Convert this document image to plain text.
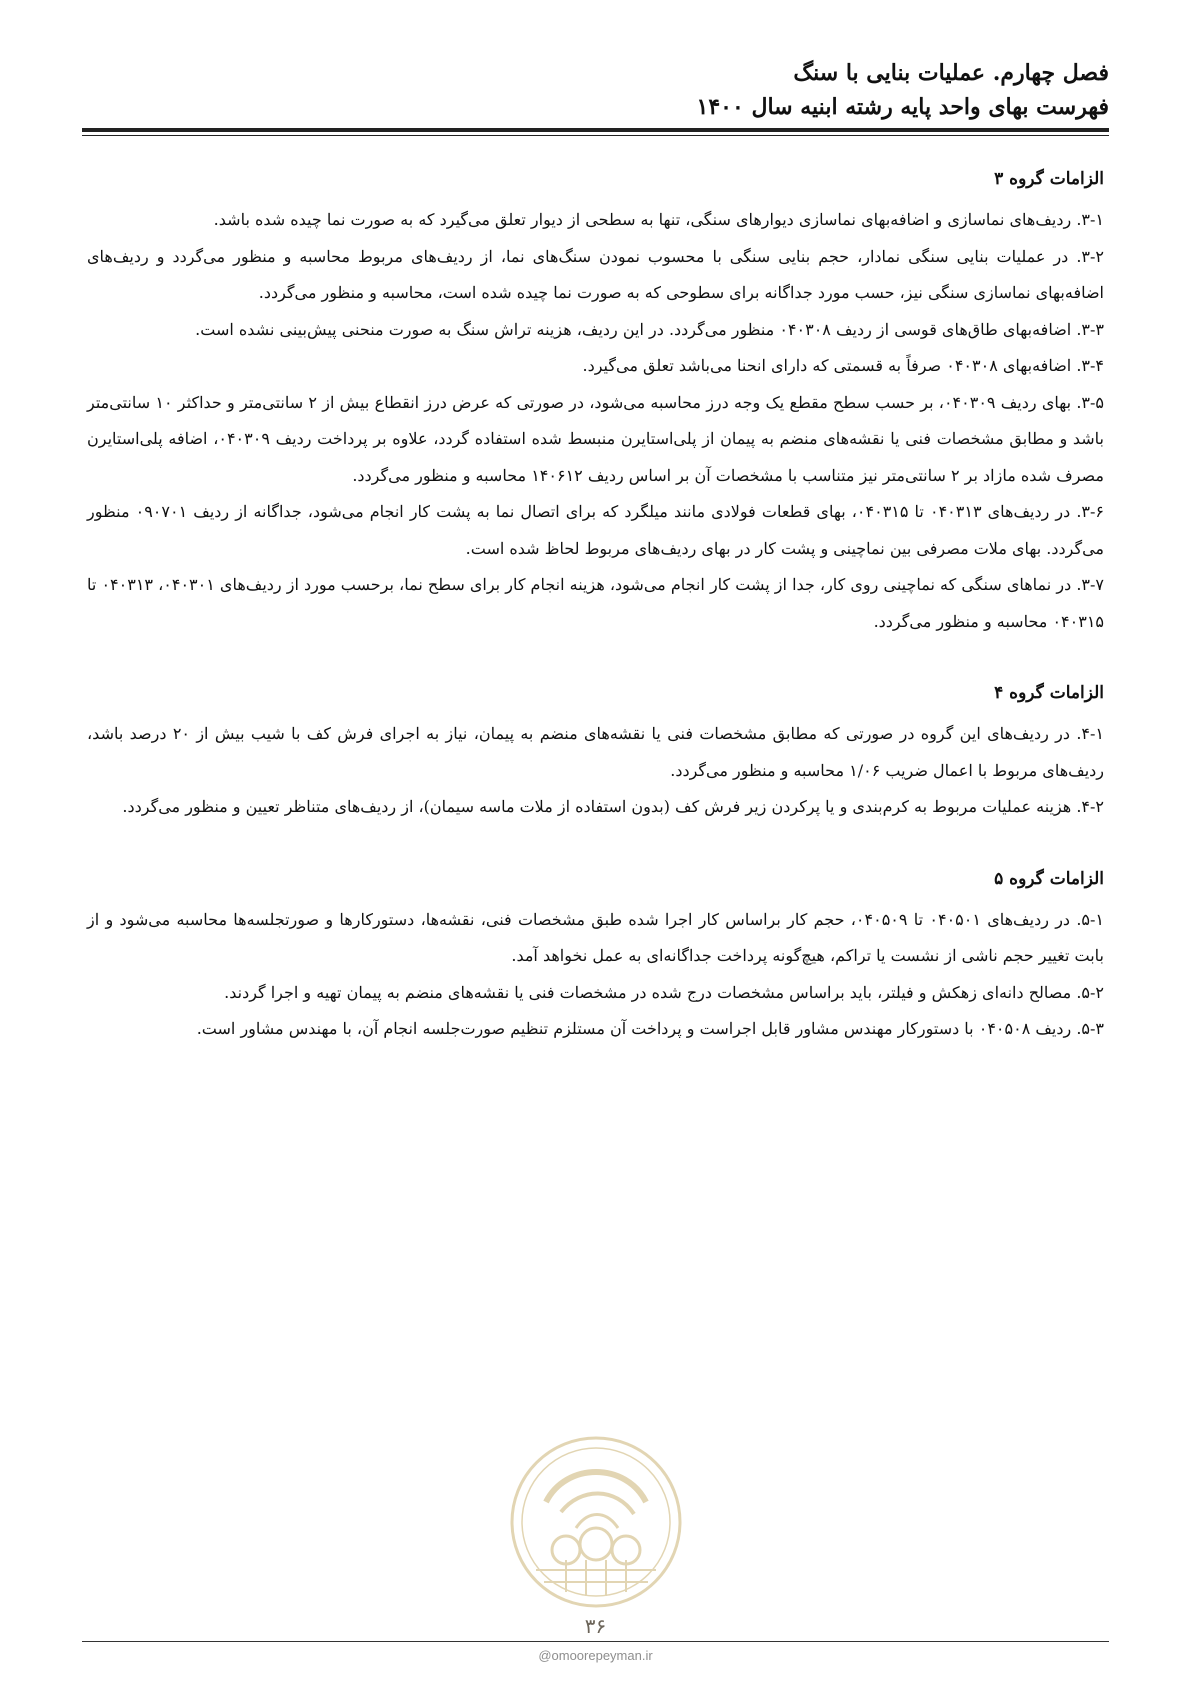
فصل چهارم. عملیات بنایی با سنگ
فهرست بهای واحد پایه رشته ابنیه سال ۱۴۰۰
الزامات گروه ۳

۳-۱. ردیف‌های نماسازی و اضافه‌بهای نماسازی دیوارهای سنگی، تنها به سطحی از دیوار تعلق می‌گیرد که به صورت نما چیده شده باشد.

۳-۲. در عملیات بنایی سنگی نمادار، حجم بنایی سنگی با محسوب نمودن سنگ‌های نما، از ردیف‌های مربوط محاسبه و منظور می‌گردد و ردیف‌های اضافه‌بهای نماسازی سنگی نیز، حسب مورد جداگانه برای سطوحی که به صورت نما چیده شده است، محاسبه و منظور می‌گردد.

۳-۳. اضافه‌بهای طاق‌های قوسی از ردیف ۰۴۰۳۰۸ منظور می‌گردد. در این ردیف، هزینه تراش سنگ به صورت منحنی پیش‌بینی نشده است.

۳-۴. اضافه‌بهای ۰۴۰۳۰۸ صرفاً به قسمتی که دارای انحنا می‌باشد تعلق می‌گیرد.

۳-۵. بهای ردیف ۰۴۰۳۰۹، بر حسب سطح مقطع یک وجه درز محاسبه می‌شود، در صورتی که عرض درز انقطاع بیش از ۲ سانتی‌متر و حداکثر ۱۰ سانتی‌متر باشد و مطابق مشخصات فنی یا نقشه‌های منضم به پیمان از پلی‌استایرن منبسط شده استفاده گردد، علاوه بر پرداخت ردیف ۰۴۰۳۰۹، اضافه پلی‌استایرن مصرف شده مازاد بر ۲ سانتی‌متر نیز متناسب با مشخصات آن بر اساس ردیف ۱۴۰۶۱۲ محاسبه و منظور می‌گردد.

۳-۶. در ردیف‌های ۰۴۰۳۱۳ تا ۰۴۰۳۱۵، بهای قطعات فولادی مانند میلگرد که برای اتصال نما به پشت کار انجام می‌شود، جداگانه از ردیف ۰۹۰۷۰۱ منظور می‌گردد. بهای ملات مصرفی بین نماچینی و پشت کار در بهای ردیف‌های مربوط لحاظ شده است.

۳-۷. در نماهای سنگی که نماچینی روی کار، جدا از پشت کار انجام می‌شود، هزینه انجام کار برای سطح نما، برحسب مورد از ردیف‌های ۰۴۰۳۰۱، ۰۴۰۳۱۳ تا ۰۴۰۳۱۵ محاسبه و منظور می‌گردد.

الزامات گروه ۴

۴-۱. در ردیف‌های این گروه در صورتی که مطابق مشخصات فنی یا نقشه‌های منضم به پیمان، نیاز به اجرای فرش کف با شیب بیش از ۲۰ درصد باشد، ردیف‌های مربوط با اعمال ضریب ۱/۰۶ محاسبه و منظور می‌گردد.

۴-۲. هزینه عملیات مربوط به کرم‌بندی و یا پرکردن زیر فرش کف (بدون استفاده از ملات ماسه سیمان)، از ردیف‌های متناظر تعیین و منظور می‌گردد.

الزامات گروه ۵

۵-۱. در ردیف‌های ۰۴۰۵۰۱ تا ۰۴۰۵۰۹، حجم کار براساس کار اجرا شده طبق مشخصات فنی، نقشه‌ها، دستورکارها و صورتجلسه‌ها محاسبه می‌شود و از بابت تغییر حجم ناشی از نشست یا تراکم، هیچ‌گونه پرداخت جداگانه‌ای به عمل نخواهد آمد.

۵-۲. مصالح دانه‌ای زهکش و فیلتر، باید براساس مشخصات درج شده در مشخصات فنی یا نقشه‌های منضم به پیمان تهیه و اجرا گردند.

۵-۳. ردیف ۰۴۰۵۰۸ با دستورکار مهندس مشاور قابل اجراست و پرداخت آن مستلزم تنظیم صورت‌جلسه انجام آن، با مهندس مشاور است.

۳۶
@omoorepeyman.ir
